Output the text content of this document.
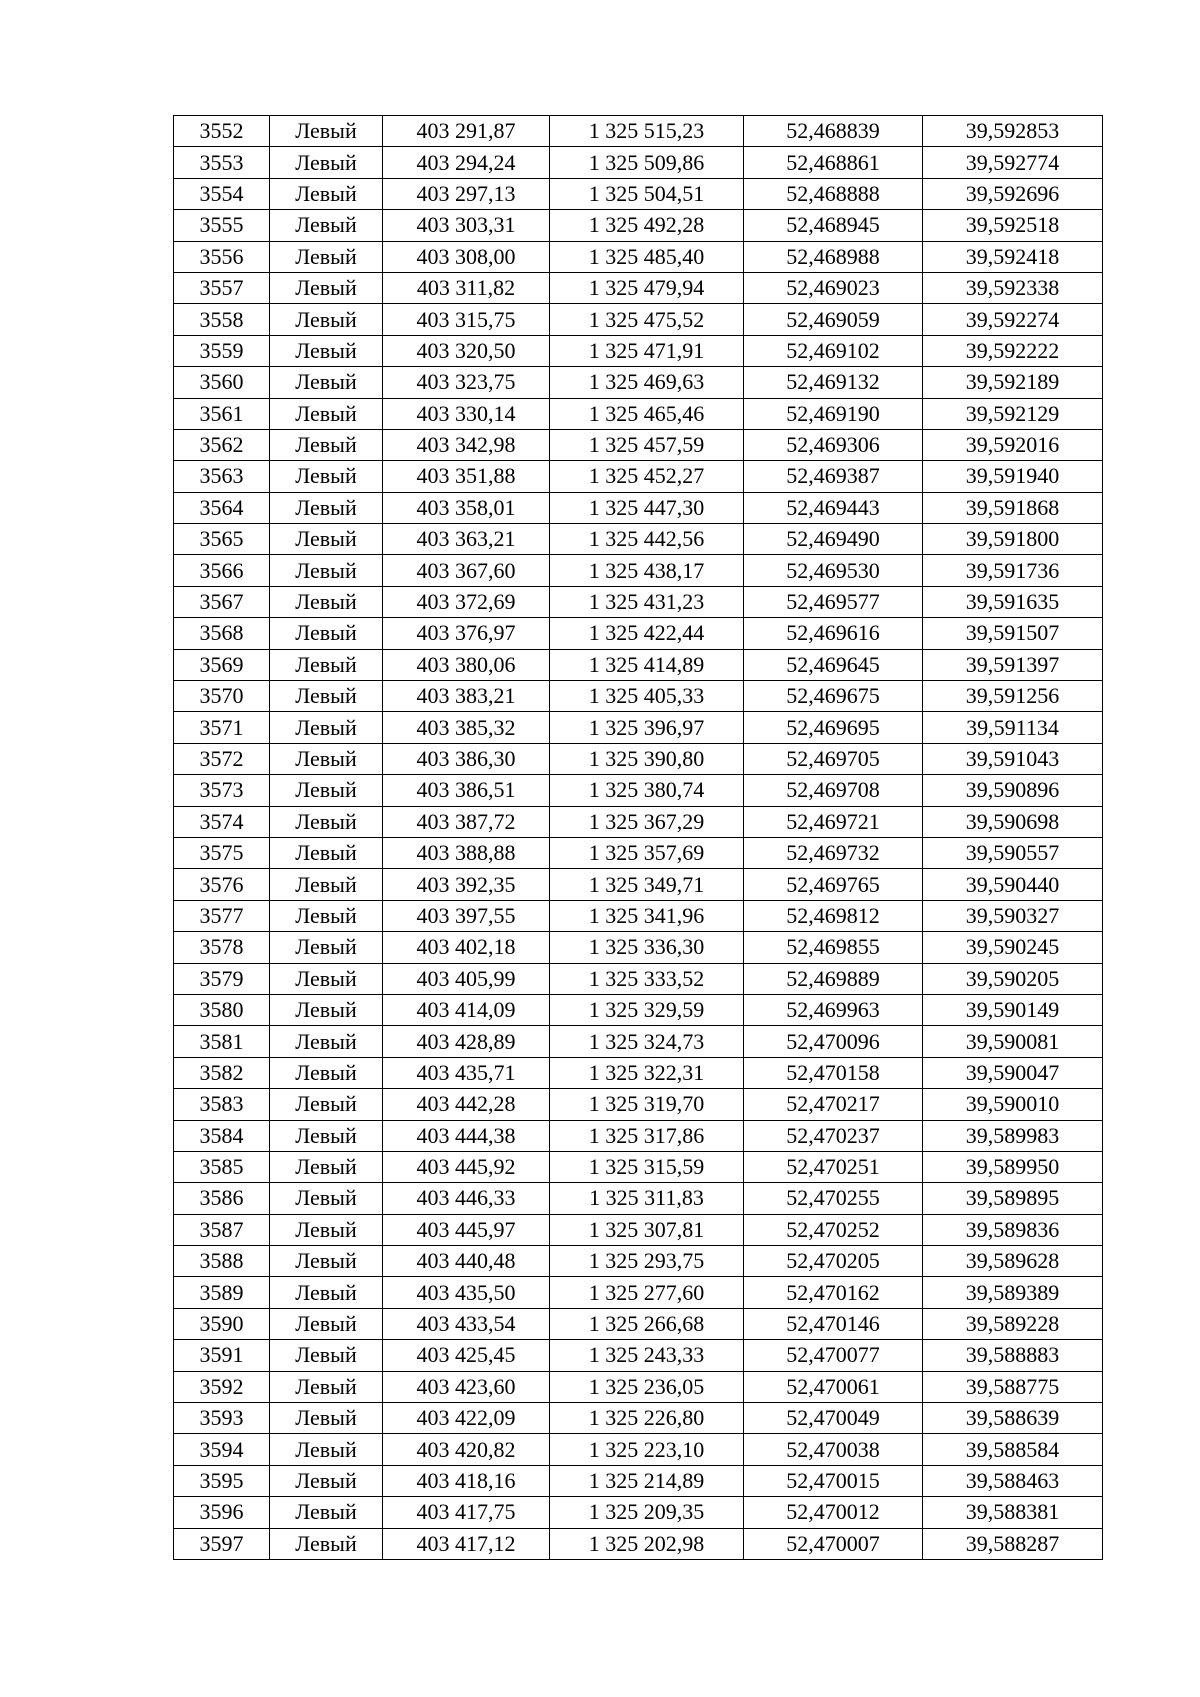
3552	Левый	403 291,87	1 325 515,23	52,468839	39,592853
3553	Левый	403 294,24	1 325 509,86	52,468861	39,592774
3554	Левый	403 297,13	1 325 504,51	52,468888	39,592696
3555	Левый	403 303,31	1 325 492,28	52,468945	39,592518
3556	Левый	403 308,00	1 325 485,40	52,468988	39,592418
3557	Левый	403 311,82	1 325 479,94	52,469023	39,592338
3558	Левый	403 315,75	1 325 475,52	52,469059	39,592274
3559	Левый	403 320,50	1 325 471,91	52,469102	39,592222
3560	Левый	403 323,75	1 325 469,63	52,469132	39,592189
3561	Левый	403 330,14	1 325 465,46	52,469190	39,592129
3562	Левый	403 342,98	1 325 457,59	52,469306	39,592016
3563	Левый	403 351,88	1 325 452,27	52,469387	39,591940
3564	Левый	403 358,01	1 325 447,30	52,469443	39,591868
3565	Левый	403 363,21	1 325 442,56	52,469490	39,591800
3566	Левый	403 367,60	1 325 438,17	52,469530	39,591736
3567	Левый	403 372,69	1 325 431,23	52,469577	39,591635
3568	Левый	403 376,97	1 325 422,44	52,469616	39,591507
3569	Левый	403 380,06	1 325 414,89	52,469645	39,591397
3570	Левый	403 383,21	1 325 405,33	52,469675	39,591256
3571	Левый	403 385,32	1 325 396,97	52,469695	39,591134
3572	Левый	403 386,30	1 325 390,80	52,469705	39,591043
3573	Левый	403 386,51	1 325 380,74	52,469708	39,590896
3574	Левый	403 387,72	1 325 367,29	52,469721	39,590698
3575	Левый	403 388,88	1 325 357,69	52,469732	39,590557
3576	Левый	403 392,35	1 325 349,71	52,469765	39,590440
3577	Левый	403 397,55	1 325 341,96	52,469812	39,590327
3578	Левый	403 402,18	1 325 336,30	52,469855	39,590245
3579	Левый	403 405,99	1 325 333,52	52,469889	39,590205
3580	Левый	403 414,09	1 325 329,59	52,469963	39,590149
3581	Левый	403 428,89	1 325 324,73	52,470096	39,590081
3582	Левый	403 435,71	1 325 322,31	52,470158	39,590047
3583	Левый	403 442,28	1 325 319,70	52,470217	39,590010
3584	Левый	403 444,38	1 325 317,86	52,470237	39,589983
3585	Левый	403 445,92	1 325 315,59	52,470251	39,589950
3586	Левый	403 446,33	1 325 311,83	52,470255	39,589895
3587	Левый	403 445,97	1 325 307,81	52,470252	39,589836
3588	Левый	403 440,48	1 325 293,75	52,470205	39,589628
3589	Левый	403 435,50	1 325 277,60	52,470162	39,589389
3590	Левый	403 433,54	1 325 266,68	52,470146	39,589228
3591	Левый	403 425,45	1 325 243,33	52,470077	39,588883
3592	Левый	403 423,60	1 325 236,05	52,470061	39,588775
3593	Левый	403 422,09	1 325 226,80	52,470049	39,588639
3594	Левый	403 420,82	1 325 223,10	52,470038	39,588584
3595	Левый	403 418,16	1 325 214,89	52,470015	39,588463
3596	Левый	403 417,75	1 325 209,35	52,470012	39,588381
3597	Левый	403 417,12	1 325 202,98	52,470007	39,588287
